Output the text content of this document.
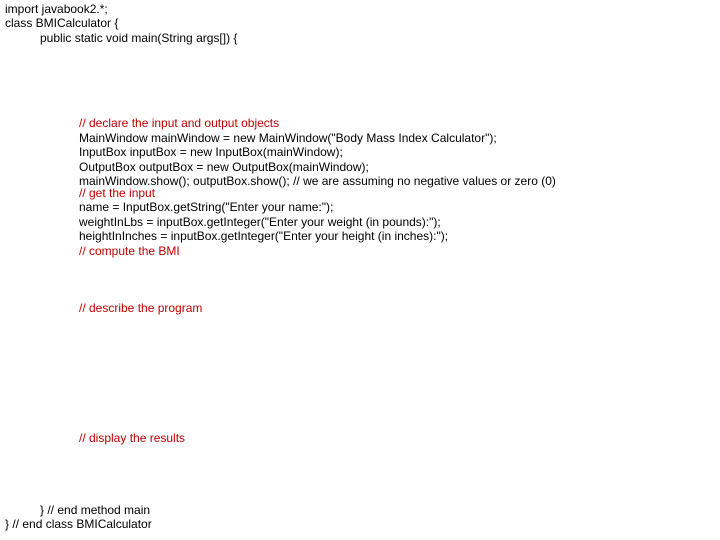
import javabook2.*;
class BMICalculator {
public static void main(String args[]) {
// declare the input and output objects
MainWindow mainWindow = new MainWindow("Body Mass Index Calculator");
InputBox inputBox = new InputBox(mainWindow);
OutputBox outputBox = new OutputBox(mainWindow);
mainWindow.show(); outputBox.show(); // we are assuming no negative values or zero (0)
// get the input
name = InputBox.getString("Enter your name:");
weightInLbs = inputBox.getInteger("Enter your weight (in pounds):");
heightInInches = inputBox.getInteger("Enter your height (in inches):");
// compute the BMI
// describe the program
// display the results
} // end method main
} // end class BMICalculator
